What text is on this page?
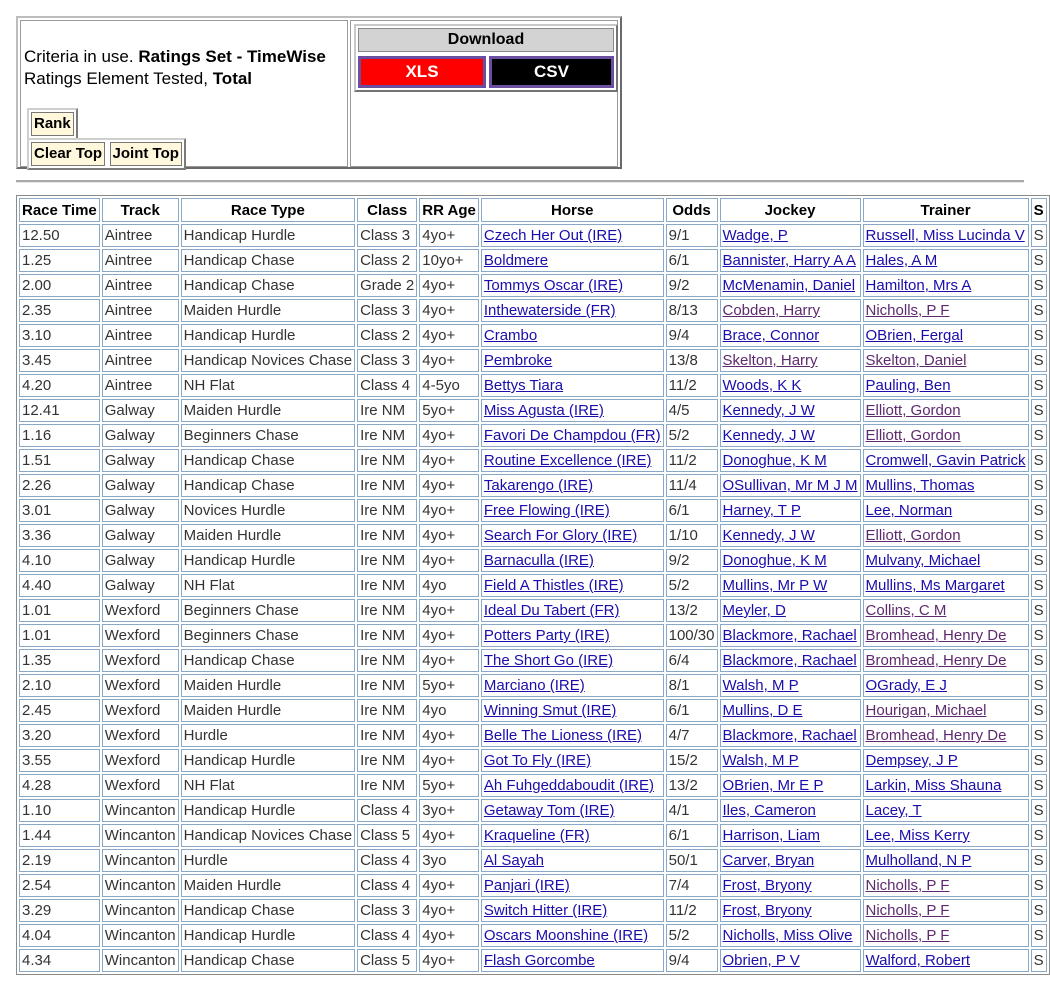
Criteria in use. Ratings Set - TimeWise
Ratings Element Tested, Total
Rank
Clear Top Joint Top
Download
XLS	CSV
Race Time	Track	Race Type	Class	RR Age	Horse	Odds	Jockey	Trainer	S
12.50	Aintree	Handicap Hurdle	Class 3	4yo+	Czech Her Out (IRE)	9/1	Wadge, P	Russell, Miss Lucinda V	S
1.25	Aintree	Handicap Chase	Class 2	10yo+	Boldmere	6/1	Bannister, Harry A A	Hales, A M	S
2.00	Aintree	Handicap Chase	Grade 2	4yo+	Tommys Oscar (IRE)	9/2	McMenamin, Daniel	Hamilton, Mrs A	S
2.35	Aintree	Maiden Hurdle	Class 3	4yo+	Inthewaterside (FR)	8/13	Cobden, Harry	Nicholls, P F	S
3.10	Aintree	Handicap Hurdle	Class 2	4yo+	Crambo	9/4	Brace, Connor	OBrien, Fergal	S
3.45	Aintree	Handicap Novices Chase	Class 3	4yo+	Pembroke	13/8	Skelton, Harry	Skelton, Daniel	S
4.20	Aintree	NH Flat	Class 4	4-5yo	Bettys Tiara	11/2	Woods, K K	Pauling, Ben	S
12.41	Galway	Maiden Hurdle	Ire NM	5yo+	Miss Agusta (IRE)	4/5	Kennedy, J W	Elliott, Gordon	S
1.16	Galway	Beginners Chase	Ire NM	4yo+	Favori De Champdou (FR)	5/2	Kennedy, J W	Elliott, Gordon	S
1.51	Galway	Handicap Chase	Ire NM	4yo+	Routine Excellence (IRE)	11/2	Donoghue, K M	Cromwell, Gavin Patrick	S
2.26	Galway	Handicap Chase	Ire NM	4yo+	Takarengo (IRE)	11/4	OSullivan, Mr M J M	Mullins, Thomas	S
3.01	Galway	Novices Hurdle	Ire NM	4yo+	Free Flowing (IRE)	6/1	Harney, T P	Lee, Norman	S
3.36	Galway	Maiden Hurdle	Ire NM	4yo+	Search For Glory (IRE)	1/10	Kennedy, J W	Elliott, Gordon	S
4.10	Galway	Handicap Hurdle	Ire NM	4yo+	Barnaculla (IRE)	9/2	Donoghue, K M	Mulvany, Michael	S
4.40	Galway	NH Flat	Ire NM	4yo	Field A Thistles (IRE)	5/2	Mullins, Mr P W	Mullins, Ms Margaret	S
1.01	Wexford	Beginners Chase	Ire NM	4yo+	Ideal Du Tabert (FR)	13/2	Meyler, D	Collins, C M	S
1.01	Wexford	Beginners Chase	Ire NM	4yo+	Potters Party (IRE)	100/30	Blackmore, Rachael	Bromhead, Henry De	S
1.35	Wexford	Handicap Chase	Ire NM	4yo+	The Short Go (IRE)	6/4	Blackmore, Rachael	Bromhead, Henry De	S
2.10	Wexford	Maiden Hurdle	Ire NM	5yo+	Marciano (IRE)	8/1	Walsh, M P	OGrady, E J	S
2.45	Wexford	Maiden Hurdle	Ire NM	4yo	Winning Smut (IRE)	6/1	Mullins, D E	Hourigan, Michael	S
3.20	Wexford	Hurdle	Ire NM	4yo+	Belle The Lioness (IRE)	4/7	Blackmore, Rachael	Bromhead, Henry De	S
3.55	Wexford	Handicap Hurdle	Ire NM	4yo+	Got To Fly (IRE)	15/2	Walsh, M P	Dempsey, J P	S
4.28	Wexford	NH Flat	Ire NM	5yo+	Ah Fuhgeddaboudit (IRE)	13/2	OBrien, Mr E P	Larkin, Miss Shauna	S
1.10	Wincanton	Handicap Hurdle	Class 4	3yo+	Getaway Tom (IRE)	4/1	Iles, Cameron	Lacey, T	S
1.44	Wincanton	Handicap Novices Chase	Class 5	4yo+	Kraqueline (FR)	6/1	Harrison, Liam	Lee, Miss Kerry	S
2.19	Wincanton	Hurdle	Class 4	3yo	Al Sayah	50/1	Carver, Bryan	Mulholland, N P	S
2.54	Wincanton	Maiden Hurdle	Class 4	4yo+	Panjari (IRE)	7/4	Frost, Bryony	Nicholls, P F	S
3.29	Wincanton	Handicap Chase	Class 3	4yo+	Switch Hitter (IRE)	11/2	Frost, Bryony	Nicholls, P F	S
4.04	Wincanton	Handicap Hurdle	Class 4	4yo+	Oscars Moonshine (IRE)	5/2	Nicholls, Miss Olive	Nicholls, P F	S
4.34	Wincanton	Handicap Chase	Class 5	4yo+	Flash Gorcombe	9/4	Obrien, P V	Walford, Robert	S
